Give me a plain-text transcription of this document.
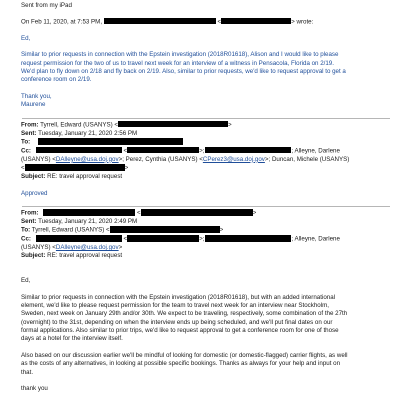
Sent from my iPad
On Feb 11, 2020, at 7:53 PM,	<	> wrote:
Ed,
Similar to prior requests in connection with the Epstein investigation (2018R01618), Alison and I would like to please
request permission for the two of us to travel next week for an interview of a witness in Pensacola, Florida on 2/19.
We'd plan to fly down on 2/18 and fly back on 2/19. Also, similar to prior requests, we'd like to request approval to get a
conference room on 2/19.
Thank you,
Maurene
From: Tyrrell, Edward (USANYS) <	>
Sent: Tuesday, January 21, 2020 2:56 PM
To:
Cc:	<	>;	; Alleyne, Darlene
(USANYS) <DAlleyne@usa.doj.gov>; Perez, Cynthia (USANYS) <CPerez3@usa.doj.gov>; Duncan, Michele (USANYS)
<	>
Subject: RE: travel approval request
Approved
From:	<	>
Sent: Tuesday, January 21, 2020 2:49 PM
To: Tyrrell, Edward (USANYS) <	>
Cc:	<	>;	; Alleyne, Darlene
(USANYS) <DAlleyne@usa.doj.gov>
Subject: RE: travel approval request
Ed,
Similar to prior requests in connection with the Epstein investigation (2018R01618), but with an added international
element, we'd like to please request permission for the team to travel next week for an interview near Stockholm,
Sweden, next week on January 29th and/or 30th. We expect to be traveling, respectively, some combination of the 27th
(overnight) to the 31st, depending on when the interview ends up being scheduled, and we'll put final dates on our
formal applications. Also similar to prior trips, we'd like to request approval to get a conference room for one of those
days at a hotel for the interview itself.
Also based on our discussion earlier we'll be mindful of looking for domestic (or domestic-flagged) carrier flights, as well
as the costs of any alternatives, in looking at possible specific bookings. Thanks as always for your help and input on
that.
thank you
